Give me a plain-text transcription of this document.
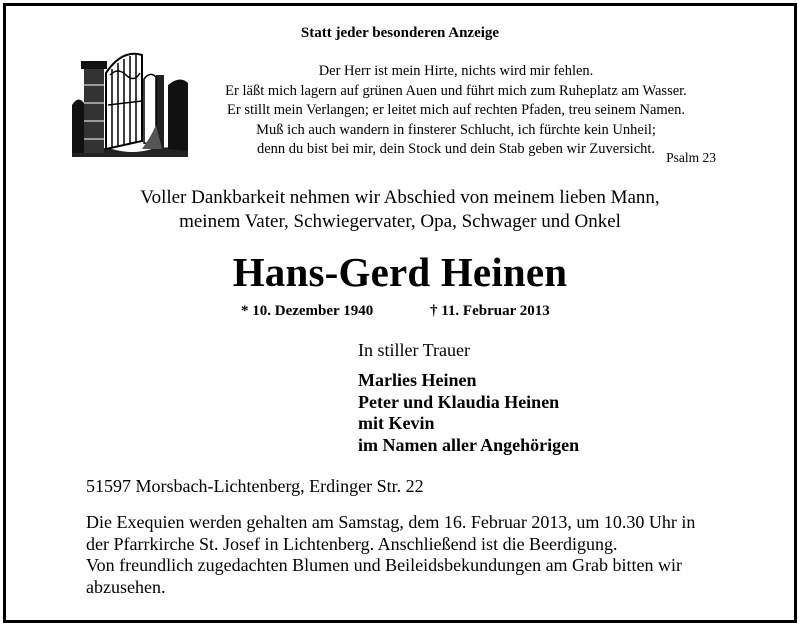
Statt jeder besonderen Anzeige
Der Herr ist mein Hirte, nichts wird mir fehlen.
Er läßt mich lagern auf grünen Auen und führt mich zum Ruheplatz am Wasser.
Er stillt mein Verlangen; er leitet mich auf rechten Pfaden, treu seinem Namen.
Muß ich auch wandern in finsterer Schlucht, ich fürchte kein Unheil;
denn du bist bei mir, dein Stock und dein Stab geben wir Zuversicht.
Psalm 23
Voller Dankbarkeit nehmen wir Abschied von meinem lieben Mann,
meinem Vater, Schwiegervater, Opa, Schwager und Onkel
Hans-Gerd Heinen
* 10. Dezember 1940	† 11. Februar 2013
In stiller Trauer
Marlies Heinen
Peter und Klaudia Heinen
mit Kevin
im Namen aller Angehörigen
51597 Morsbach-Lichtenberg, Erdinger Str. 22
Die Exequien werden gehalten am Samstag, dem 16. Februar 2013, um 10.30 Uhr in
der Pfarrkirche St. Josef in Lichtenberg. Anschließend ist die Beerdigung.
Von freundlich zugedachten Blumen und Beileidsbekundungen am Grab bitten wir
abzusehen.
